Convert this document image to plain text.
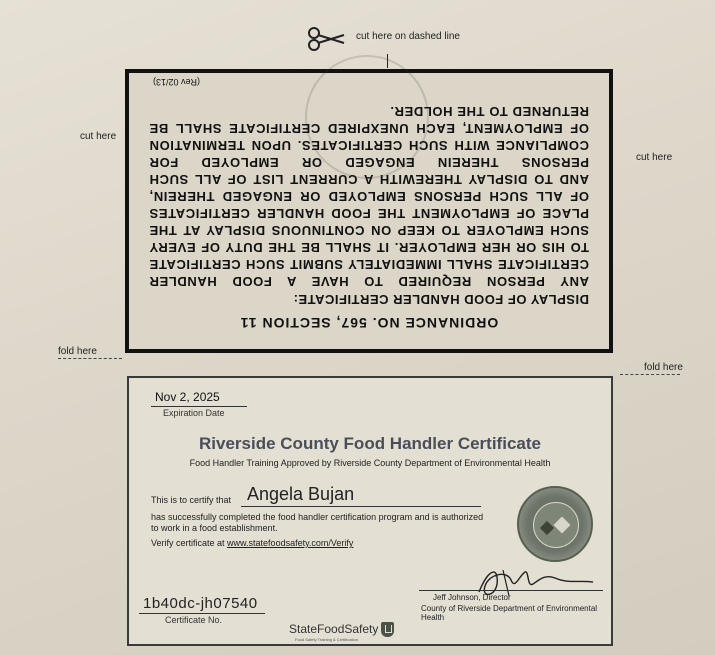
cut here on dashed line
cut here
cut here
ORDINANCE NO. 567, SECTION 11
DISPLAY OF FOOD HANDLER CERTIFICATE:
ANY PERSON REQUIRED TO HAVE A FOOD HANDLER CERTIFICATE SHALL IMMEDIATELY SUBMIT SUCH CERTIFICATE TO HIS OR HER EMPLOYER. IT SHALL BE THE DUTY OF EVERY SUCH EMPLOYER TO KEEP ON CONTINUOUS DISPLAY AT THE PLACE OF EMPLOYMENT THE FOOD HANDLER CERTIFICATES OF ALL SUCH PERSONS EMPLOYED OR ENGAGED THEREIN, AND TO DISPLAY THEREWITH A CURRENT LIST OF ALL SUCH PERSONS THEREIN ENGAGED OR EMPLOYED FOR COMPLIANCE WITH SUCH CERTIFICATES. UPON TERMINATION OF EMPLOYMENT, EACH UNEXPIRED CERTIFICATE SHALL BE RETURNED TO THE HOLDER.
(Rev 02/13)
fold here
fold here
Nov 2, 2025
Expiration Date
Riverside County Food Handler Certificate
Food Handler Training Approved by Riverside County Department of Environmental Health
This is to certify that Angela Bujan
has successfully completed the food handler certification program and is authorized to work in a food establishment.
Verify certificate at www.statefoodsafety.com/Verify
Jeff Johnson, Director
County of Riverside Department of Environmental Health
1b40dc-jh07540
Certificate No.
StateFoodSafety
Food Safety Training & Certification
